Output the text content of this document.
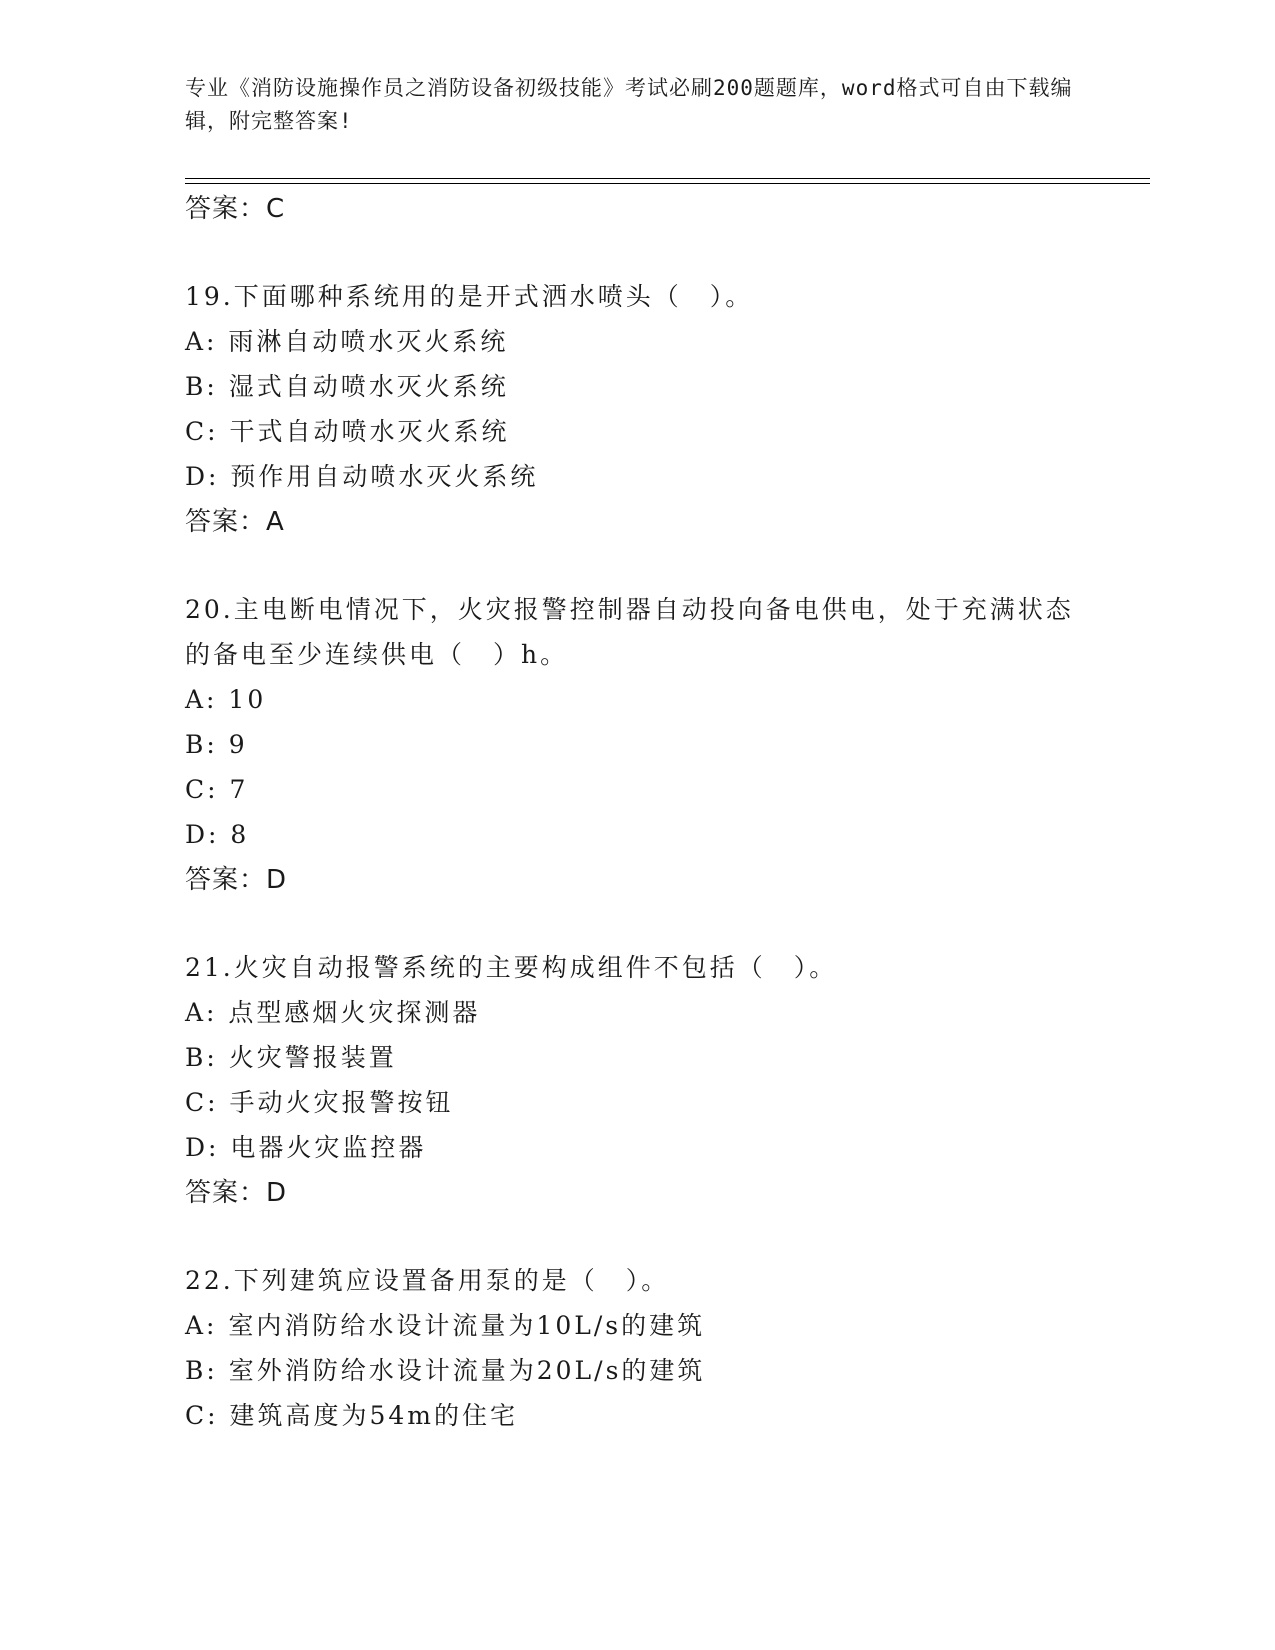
专业《消防设施操作员之消防设备初级技能》考试必刷200题题库，word格式可自由下载编辑，附完整答案!
答案：C
19.下面哪种系统用的是开式洒水喷头（　）。
A: 雨淋自动喷水灭火系统
B: 湿式自动喷水灭火系统
C: 干式自动喷水灭火系统
D: 预作用自动喷水灭火系统
答案：A
20.主电断电情况下，火灾报警控制器自动投向备电供电，处于充满状态的备电至少连续供电（　）h。
A: 10
B: 9
C: 7
D: 8
答案：D
21.火灾自动报警系统的主要构成组件不包括（　）。
A: 点型感烟火灾探测器
B: 火灾警报装置
C: 手动火灾报警按钮
D: 电器火灾监控器
答案：D
22.下列建筑应设置备用泵的是（　）。
A: 室内消防给水设计流量为10L/s的建筑
B: 室外消防给水设计流量为20L/s的建筑
C: 建筑高度为54m的住宅
